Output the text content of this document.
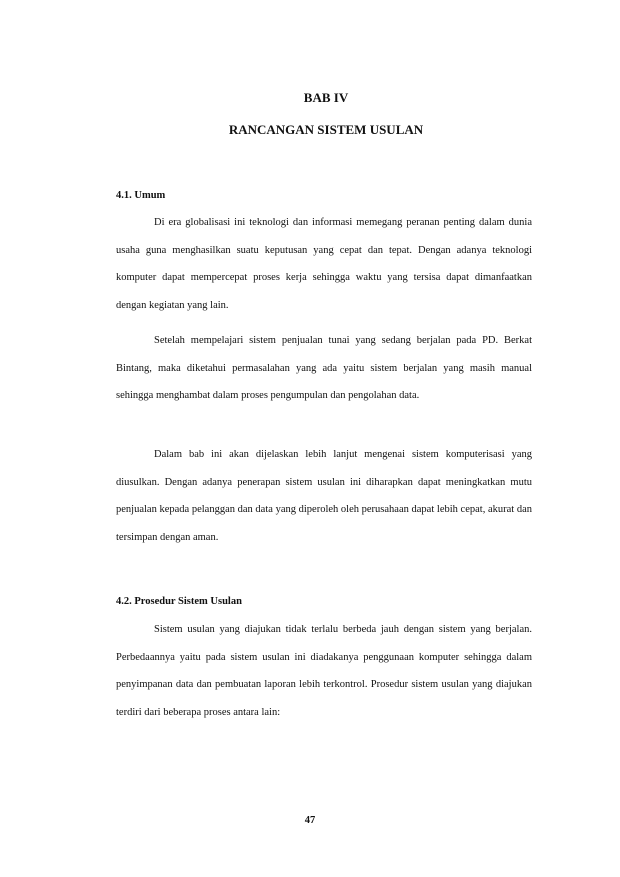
BAB IV
RANCANGAN SISTEM USULAN
4.1. Umum

Di era globalisasi ini teknologi dan informasi memegang peranan penting dalam dunia usaha guna menghasilkan suatu keputusan yang cepat dan tepat. Dengan adanya teknologi komputer dapat mempercepat proses kerja sehingga waktu yang tersisa dapat dimanfaatkan dengan kegiatan yang lain.

Setelah mempelajari sistem penjualan tunai yang sedang berjalan pada PD. Berkat Bintang, maka diketahui permasalahan yang ada yaitu sistem berjalan yang masih manual sehingga menghambat dalam proses pengumpulan dan pengolahan data.

Dalam bab ini akan dijelaskan lebih lanjut mengenai sistem komputerisasi yang diusulkan. Dengan adanya penerapan sistem usulan ini diharapkan dapat meningkatkan mutu penjualan kepada pelanggan dan data yang diperoleh oleh perusahaan dapat lebih cepat, akurat dan tersimpan dengan aman.

4.2. Prosedur Sistem Usulan

Sistem usulan yang diajukan tidak terlalu berbeda jauh dengan sistem yang berjalan. Perbedaannya yaitu pada sistem usulan ini diadakanya penggunaan komputer sehingga dalam penyimpanan data dan pembuatan laporan lebih terkontrol. Prosedur sistem usulan yang diajukan terdiri dari beberapa proses antara lain:

47
